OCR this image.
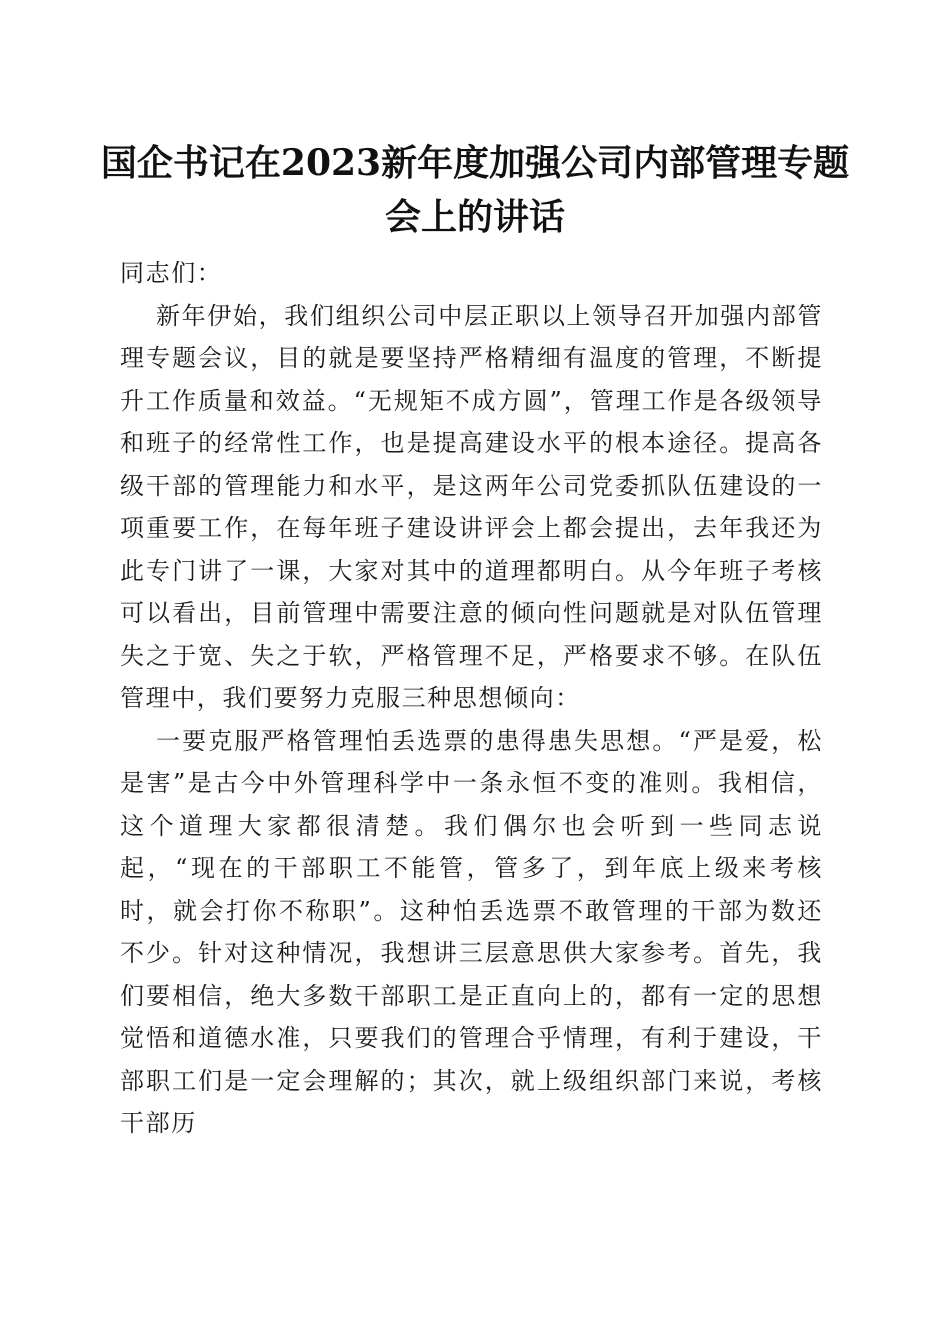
国企书记在2023新年度加强公司内部管理专题会上的讲话

同志们：

新年伊始，我们组织公司中层正职以上领导召开加强内部管理专题会议，目的就是要坚持严格精细有温度的管理，不断提升工作质量和效益。“无规矩不成方圆”，管理工作是各级领导和班子的经常性工作，也是提高建设水平的根本途径。提高各级干部的管理能力和水平，是这两年公司党委抓队伍建设的一项重要工作，在每年班子建设讲评会上都会提出，去年我还为此专门讲了一课，大家对其中的道理都明白。从今年班子考核可以看出，目前管理中需要注意的倾向性问题就是对队伍管理失之于宽、失之于软，严格管理不足，严格要求不够。在队伍管理中，我们要努力克服三种思想倾向：

一要克服严格管理怕丢选票的患得患失思想。“严是爱，松是害”是古今中外管理科学中一条永恒不变的准则。我相信，这个道理大家都很清楚。我们偶尔也会听到一些同志说起，“现在的干部职工不能管，管多了，到年底上级来考核时，就会打你不称职”。这种怕丢选票不敢管理的干部为数还不少。针对这种情况，我想讲三层意思供大家参考。首先，我们要相信，绝大多数干部职工是正直向上的，都有一定的思想觉悟和道德水准，只要我们的管理合乎情理，有利于建设，干部职工们是一定会理解的；其次，就上级组织部门来说，考核干部历
